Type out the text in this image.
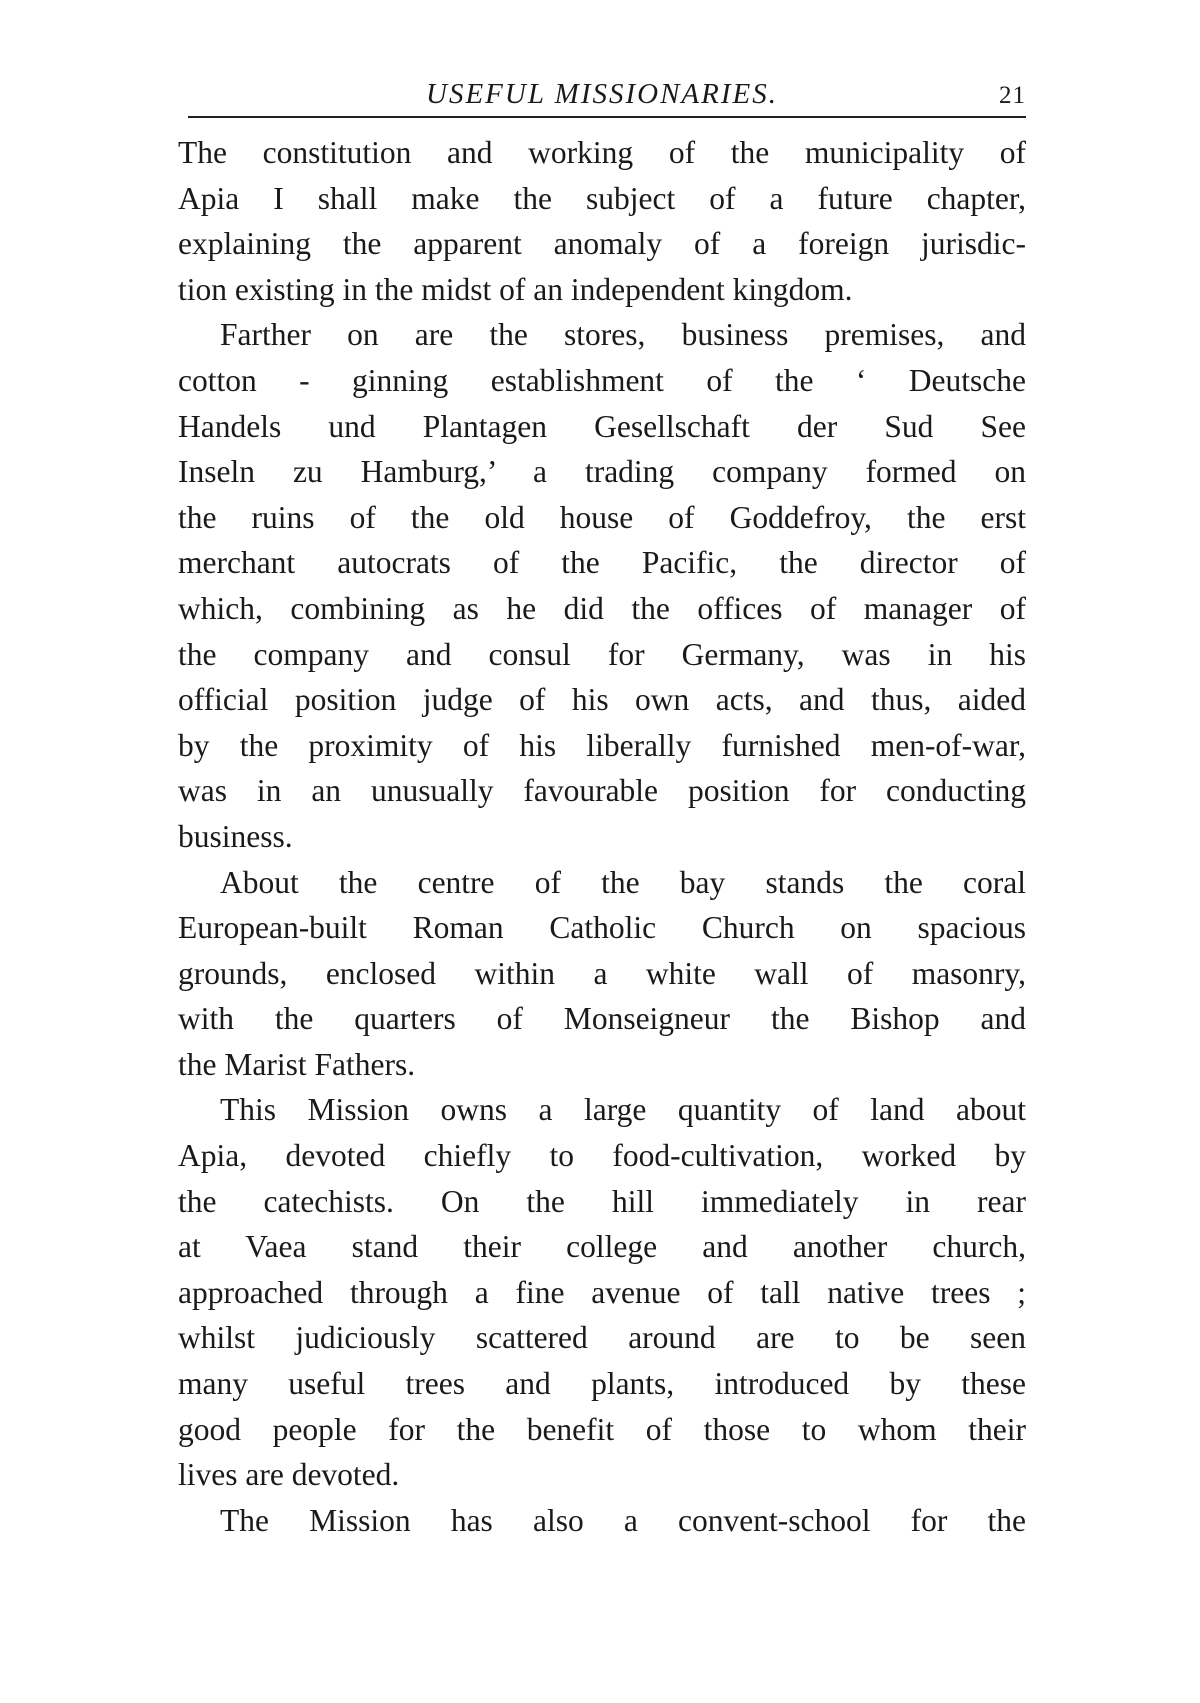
USEFUL MISSIONARIES.	21
The constitution and working of the municipality of
Apia I shall make the subject of a future chapter,
explaining the apparent anomaly of a foreign jurisdic-
tion existing in the midst of an independent kingdom.
Farther on are the stores, business premises, and
cotton - ginning establishment of the ‘ Deutsche
Handels und Plantagen Gesellschaft der Sud See
Inseln zu Hamburg,’ a trading company formed on
the ruins of the old house of Goddefroy, the erst
merchant autocrats of the Pacific, the director of
which, combining as he did the offices of manager of
the company and consul for Germany, was in his
official position judge of his own acts, and thus, aided
by the proximity of his liberally furnished men-of-war,
was in an unusually favourable position for conducting
business.
About the centre of the bay stands the coral
European-built Roman Catholic Church on spacious
grounds, enclosed within a white wall of masonry,
with the quarters of Monseigneur the Bishop and
the Marist Fathers.
This Mission owns a large quantity of land about
Apia, devoted chiefly to food-cultivation, worked by
the catechists. On the hill immediately in rear
at Vaea stand their college and another church,
approached through a fine avenue of tall native trees ;
whilst judiciously scattered around are to be seen
many useful trees and plants, introduced by these
good people for the benefit of those to whom their
lives are devoted.
The Mission has also a convent-school for the
